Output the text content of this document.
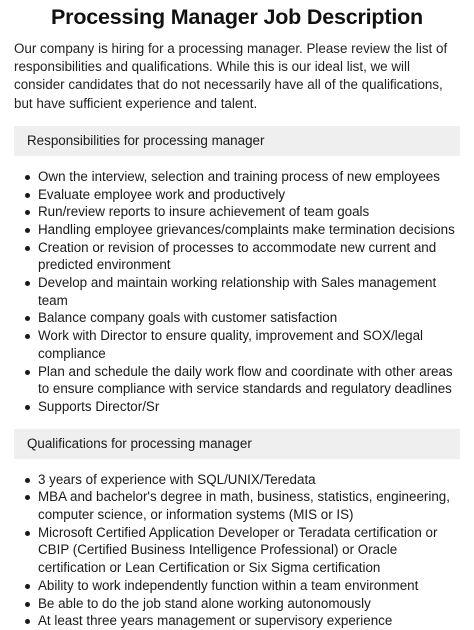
Processing Manager Job Description

Our company is hiring for a processing manager. Please review the list of responsibilities and qualifications. While this is our ideal list, we will consider candidates that do not necessarily have all of the qualifications, but have sufficient experience and talent.

Responsibilities for processing manager
Own the interview, selection and training process of new employees
Evaluate employee work and productively
Run/review reports to insure achievement of team goals
Handling employee grievances/complaints make termination decisions
Creation or revision of processes to accommodate new current and predicted environment
Develop and maintain working relationship with Sales management team
Balance company goals with customer satisfaction
Work with Director to ensure quality, improvement and SOX/legal compliance
Plan and schedule the daily work flow and coordinate with other areas to ensure compliance with service standards and regulatory deadlines
Supports Director/Sr
Qualifications for processing manager
3 years of experience with SQL/UNIX/Teredata
MBA and bachelor's degree in math, business, statistics, engineering, computer science, or information systems (MIS or IS)
Microsoft Certified Application Developer or Teradata certification or CBIP (Certified Business Intelligence Professional) or Oracle certification or Lean Certification or Six Sigma certification
Ability to work independently function within a team environment
Be able to do the job stand alone working autonomously
At least three years management or supervisory experience
